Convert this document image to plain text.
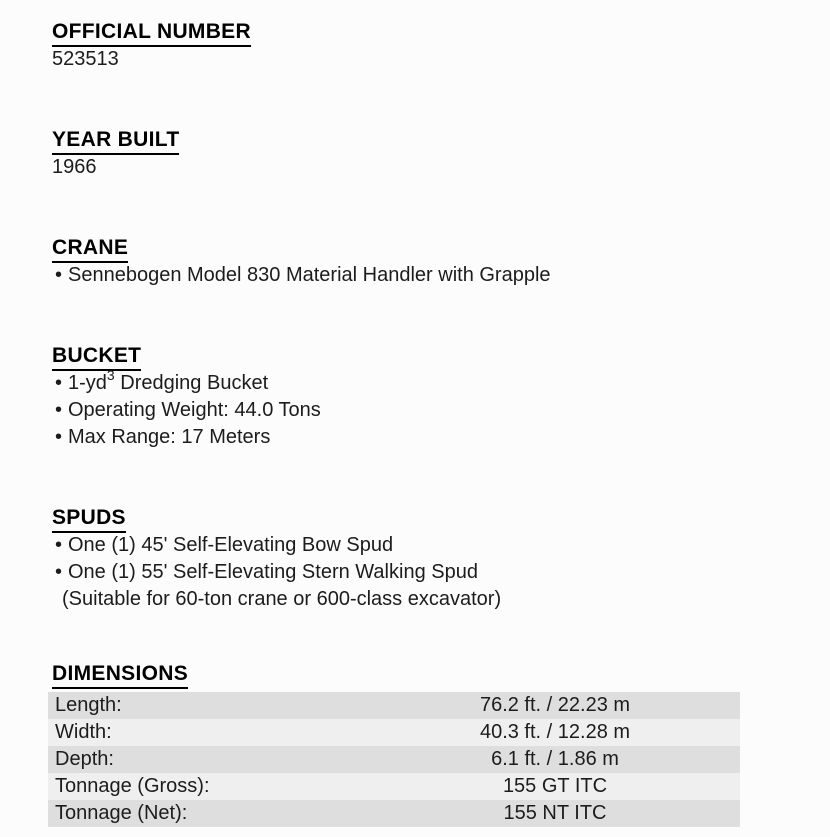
OFFICIAL NUMBER
523513
YEAR BUILT
1966
CRANE
• Sennebogen Model 830 Material Handler with Grapple
BUCKET
• $1-yd^3$ Dredging Bucket
• Operating Weight: 44.0 Tons
• Max Range: 17 Meters
SPUDS
• One (1) 45' Self-Elevating Bow Spud
• One (1) 55' Self-Elevating Stern Walking Spud
(Suitable for 60-ton crane or 600-class excavator)
DIMENSIONS
Length:	76.2 ft. / 22.23 m
Width:	40.3 ft. / 12.28 m
Depth:	6.1 ft. / 1.86 m
Tonnage (Gross):	155 GT ITC
Tonnage (Net):	155 NT ITC
